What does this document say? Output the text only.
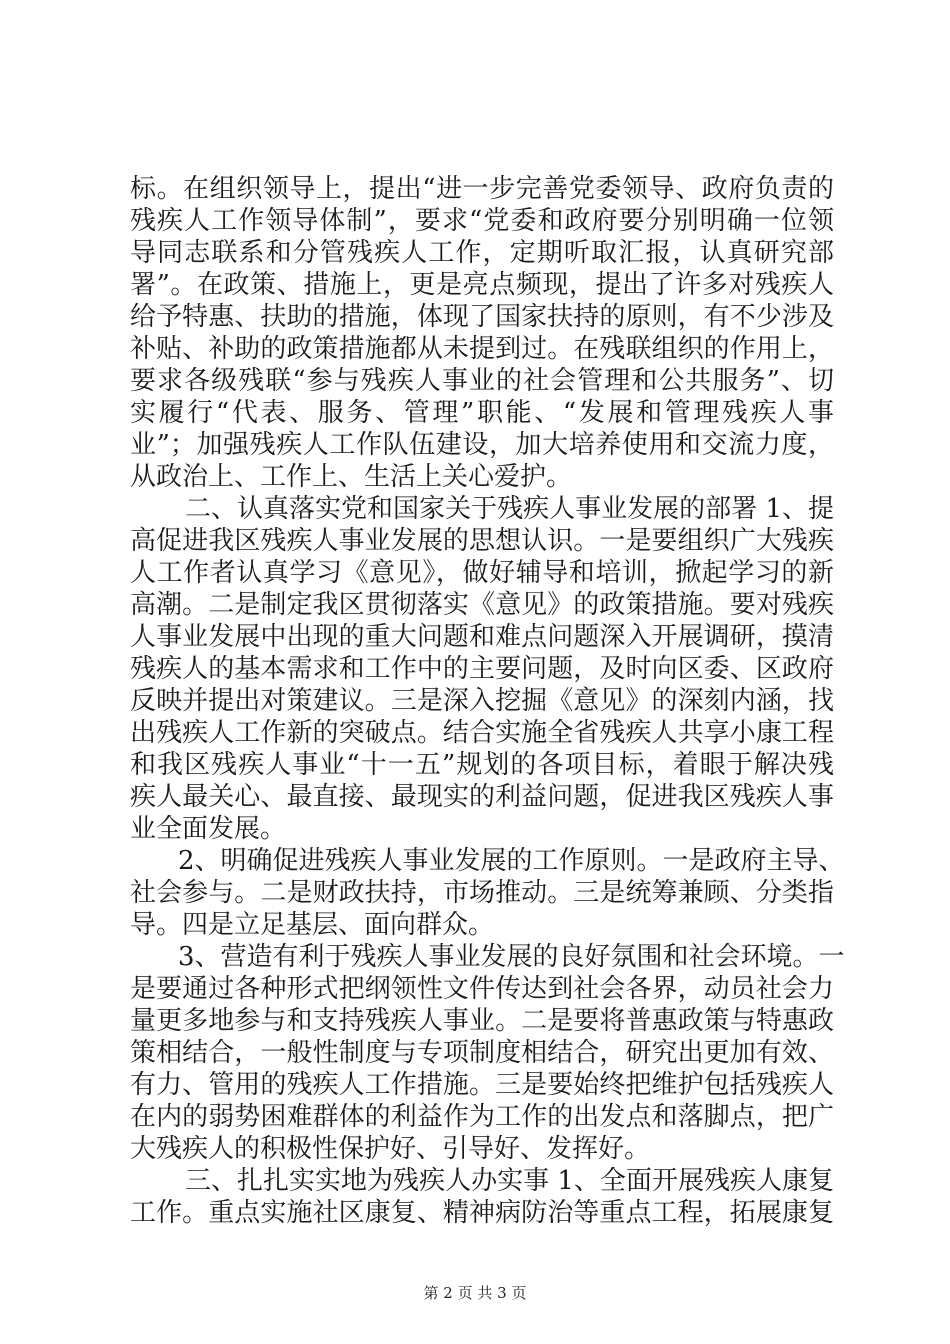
标。在组织领导上，提出“进一步完善党委领导、政府负责的
残疾人工作领导体制”，要求“党委和政府要分别明确一位领
导同志联系和分管残疾人工作，定期听取汇报，认真研究部
署”。在政策、措施上，更是亮点频现，提出了许多对残疾人
给予特惠、扶助的措施，体现了国家扶持的原则，有不少涉及
补贴、补助的政策措施都从未提到过。在残联组织的作用上，
要求各级残联“参与残疾人事业的社会管理和公共服务”、切
实履行“代表、服务、管理”职能、“发展和管理残疾人事
业”；加强残疾人工作队伍建设，加大培养使用和交流力度，
从政治上、工作上、生活上关心爱护。
二、认真落实党和国家关于残疾人事业发展的部署 1、提
高促进我区残疾人事业发展的思想认识。一是要组织广大残疾
人工作者认真学习《意见》，做好辅导和培训，掀起学习的新
高潮。二是制定我区贯彻落实《意见》的政策措施。要对残疾
人事业发展中出现的重大问题和难点问题深入开展调研，摸清
残疾人的基本需求和工作中的主要问题，及时向区委、区政府
反映并提出对策建议。三是深入挖掘《意见》的深刻内涵，找
出残疾人工作新的突破点。结合实施全省残疾人共享小康工程
和我区残疾人事业“十一五”规划的各项目标，着眼于解决残
疾人最关心、最直接、最现实的利益问题，促进我区残疾人事
业全面发展。
2、明确促进残疾人事业发展的工作原则。一是政府主导、
社会参与。二是财政扶持，市场推动。三是统筹兼顾、分类指
导。四是立足基层、面向群众。
3、营造有利于残疾人事业发展的良好氛围和社会环境。一
是要通过各种形式把纲领性文件传达到社会各界，动员社会力
量更多地参与和支持残疾人事业。二是要将普惠政策与特惠政
策相结合，一般性制度与专项制度相结合，研究出更加有效、
有力、管用的残疾人工作措施。三是要始终把维护包括残疾人
在内的弱势困难群体的利益作为工作的出发点和落脚点，把广
大残疾人的积极性保护好、引导好、发挥好。
三、扎扎实实地为残疾人办实事 1、全面开展残疾人康复
工作。重点实施社区康复、精神病防治等重点工程，拓展康复
第 2 页 共 3 页
